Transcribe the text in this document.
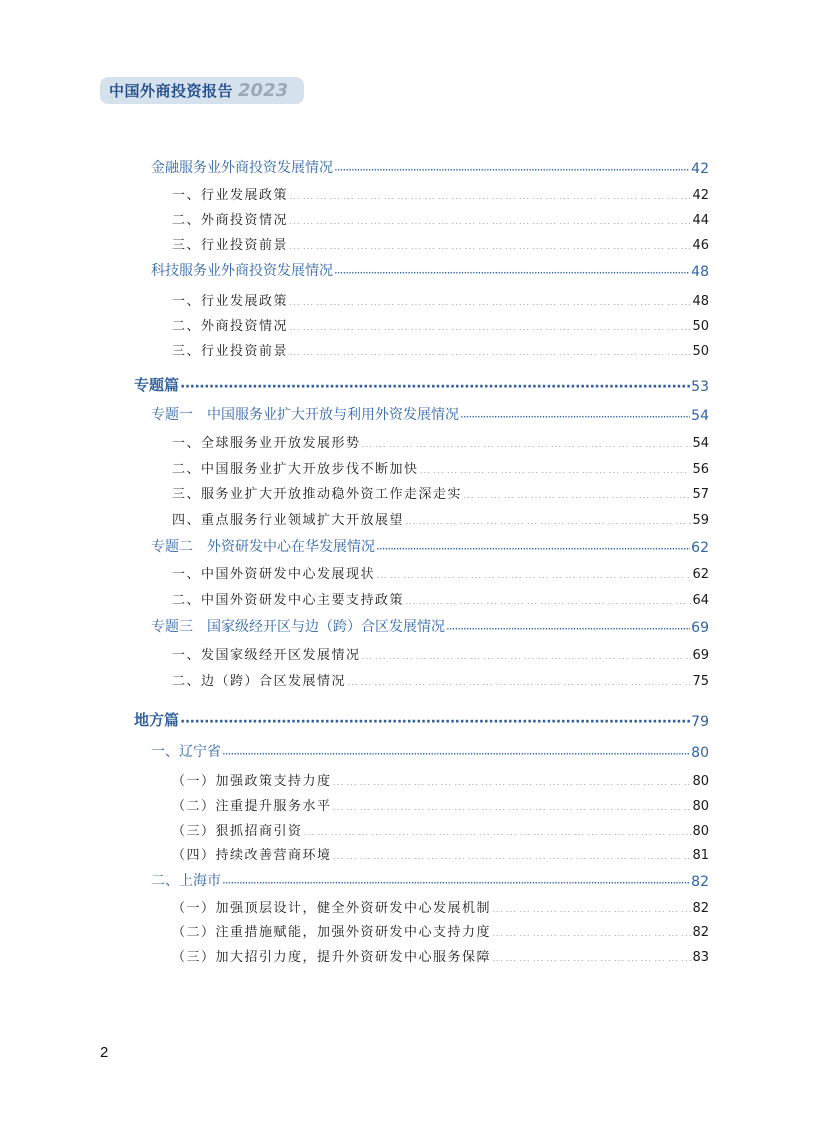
中国外商投资报告 2023
金融服务业外商投资发展情况 ·····	42
一、行业发展政策 … … … … … … … … … … … … … … … … … … … … … … … … … … … … … … … … … … … … … … … … … … … … … … … … … … … … … … … … … … … … … … … … … … … …	42
二、外商投资情况 … … … … … … … … … … … … … … … … … … … … … … … … … … … … … … … … … … … … … … … … … … … … … … … … … … … … … … … … … … … … … … … … … … … …	44
三、行业投资前景 … … … … … … … … … … … … … … … … … … … … … … … … … … … … … … … … … … … … … … … … … … … … … … … … … … … … … … … … … … … … … … … … … … … …	46
科技服务业外商投资发展情况 ·····	48
一、行业发展政策 … … … … … … … … … … … … … … … … … … … … … … … … … … … … … … … … … … … … … … … … … … … … … … … … … … … … … … … … … … … … … … … … … … … …	48
二、外商投资情况 … … … … … … … … … … … … … … … … … … … … … … … … … … … … … … … … … … … … … … … … … … … … … … … … … … … … … … … … … … … … … … … … … … … …	50
三、行业投资前景 … … … … … … … … … … … … … … … … … … … … … … … … … … … … … … … … … … … … … … … … … … … … … … … … … … … … … … … … … … … … … … … … … … … …	50
专题篇 ·····	53
专题一　中国服务业扩大开放与利用外资发展情况 ·····	54
一、全球服务业开放发展形势 … … … … … … … … … … … … … … … … … … … … … … … … … … … … … … … … … … … … … … … … … … … … … … … … … … … … … … … … … … … … … … … … … … … …	54
二、中国服务业扩大开放步伐不断加快 … … … … … … … … … … … … … … … … … … … … … … … … … … … … … … … … … … … … … … … … … … … … … … … … … … … … … … … … … … … … … … … … … … … …	56
三、服务业扩大开放推动稳外资工作走深走实 … … … … … … … … … … … … … … … … … … … … … … … … … … … … … … … … … … … … … … … … … … … … … … … … … … … … … … … … … … … … … … … … … … … …	57
四、重点服务行业领域扩大开放展望 … … … … … … … … … … … … … … … … … … … … … … … … … … … … … … … … … … … … … … … … … … … … … … … … … … … … … … … … … … … … … … … … … … … …	59
专题二　外资研发中心在华发展情况 ·····	62
一、中国外资研发中心发展现状 … … … … … … … … … … … … … … … … … … … … … … … … … … … … … … … … … … … … … … … … … … … … … … … … … … … … … … … … … … … … … … … … … … … …	62
二、中国外资研发中心主要支持政策 … … … … … … … … … … … … … … … … … … … … … … … … … … … … … … … … … … … … … … … … … … … … … … … … … … … … … … … … … … … … … … … … … … … …	64
专题三　国家级经开区与边（跨）合区发展情况 ·····	69
一、发国家级经开区发展情况 … … … … … … … … … … … … … … … … … … … … … … … … … … … … … … … … … … … … … … … … … … … … … … … … … … … … … … … … … … … … … … … … … … … …	69
二、边（跨）合区发展情况 … … … … … … … … … … … … … … … … … … … … … … … … … … … … … … … … … … … … … … … … … … … … … … … … … … … … … … … … … … … … … … … … … … … …	75
地方篇 ·····	79
一、辽宁省 ·····	80
（一）加强政策支持力度 … … … … … … … … … … … … … … … … … … … … … … … … … … … … … … … … … … … … … … … … … … … … … … … … … … … … … … … … … … … … … … … … … … … …	80
（二）注重提升服务水平 … … … … … … … … … … … … … … … … … … … … … … … … … … … … … … … … … … … … … … … … … … … … … … … … … … … … … … … … … … … … … … … … … … … …	80
（三）狠抓招商引资 … … … … … … … … … … … … … … … … … … … … … … … … … … … … … … … … … … … … … … … … … … … … … … … … … … … … … … … … … … … … … … … … … … … …	80
（四）持续改善营商环境 … … … … … … … … … … … … … … … … … … … … … … … … … … … … … … … … … … … … … … … … … … … … … … … … … … … … … … … … … … … … … … … … … … … …	81
二、上海市 ·····	82
（一）加强顶层设计，健全外资研发中心发展机制 … … … … … … … … … … … … … … … … … … … … … … … … … … … … … … … … … … … … … … … … … … … … … … … … … … … … … … … … … … … … … … … … … … … …	82
（二）注重措施赋能，加强外资研发中心支持力度 … … … … … … … … … … … … … … … … … … … … … … … … … … … … … … … … … … … … … … … … … … … … … … … … … … … … … … … … … … … … … … … … … … … …	82
（三）加大招引力度，提升外资研发中心服务保障 … … … … … … … … … … … … … … … … … … … … … … … … … … … … … … … … … … … … … … … … … … … … … … … … … … … … … … … … … … … … … … … … … … … …	83
2
